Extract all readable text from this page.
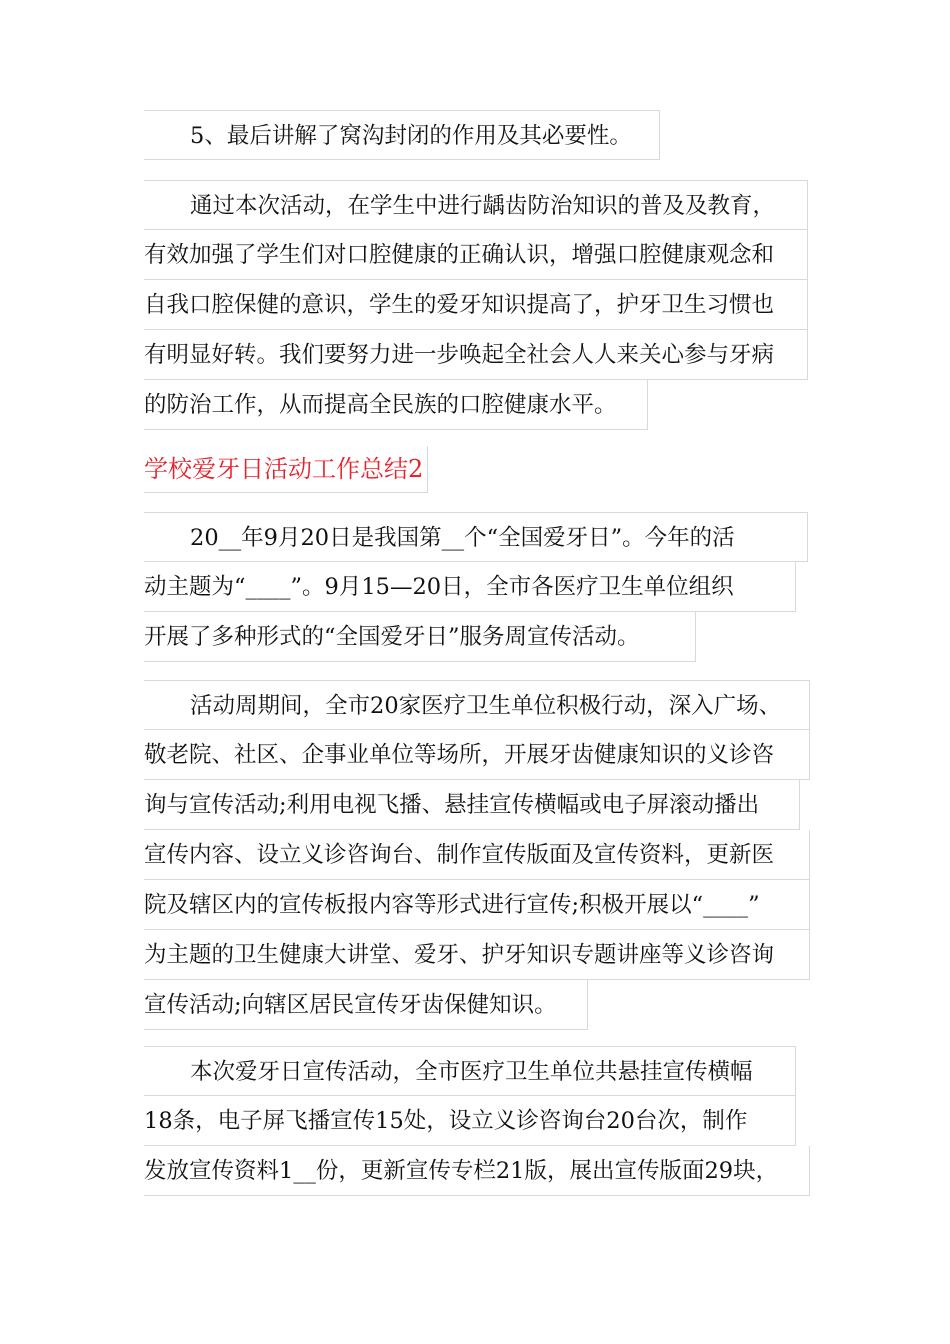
5、最后讲解了窝沟封闭的作用及其必要性。
通过本次活动，在学生中进行龋齿防治知识的普及及教育，
有效加强了学生们对口腔健康的正确认识，增强口腔健康观念和
自我口腔保健的意识，学生的爱牙知识提高了，护牙卫生习惯也
有明显好转。我们要努力进一步唤起全社会人人来关心参与牙病
的防治工作，从而提高全民族的口腔健康水平。
学校爱牙日活动工作总结2
20__年9月20日是我国第__个“全国爱牙日”。今年的活
动主题为“____”。9月15—20日，全市各医疗卫生单位组织
开展了多种形式的“全国爱牙日”服务周宣传活动。
活动周期间，全市20家医疗卫生单位积极行动，深入广场、
敬老院、社区、企事业单位等场所，开展牙齿健康知识的义诊咨
询与宣传活动;利用电视飞播、悬挂宣传横幅或电子屏滚动播出
宣传内容、设立义诊咨询台、制作宣传版面及宣传资料，更新医
院及辖区内的宣传板报内容等形式进行宣传;积极开展以“____”
为主题的卫生健康大讲堂、爱牙、护牙知识专题讲座等义诊咨询
宣传活动;向辖区居民宣传牙齿保健知识。
本次爱牙日宣传活动，全市医疗卫生单位共悬挂宣传横幅
18条，电子屏飞播宣传15处，设立义诊咨询台20台次，制作
发放宣传资料1__份，更新宣传专栏21版，展出宣传版面29块，
